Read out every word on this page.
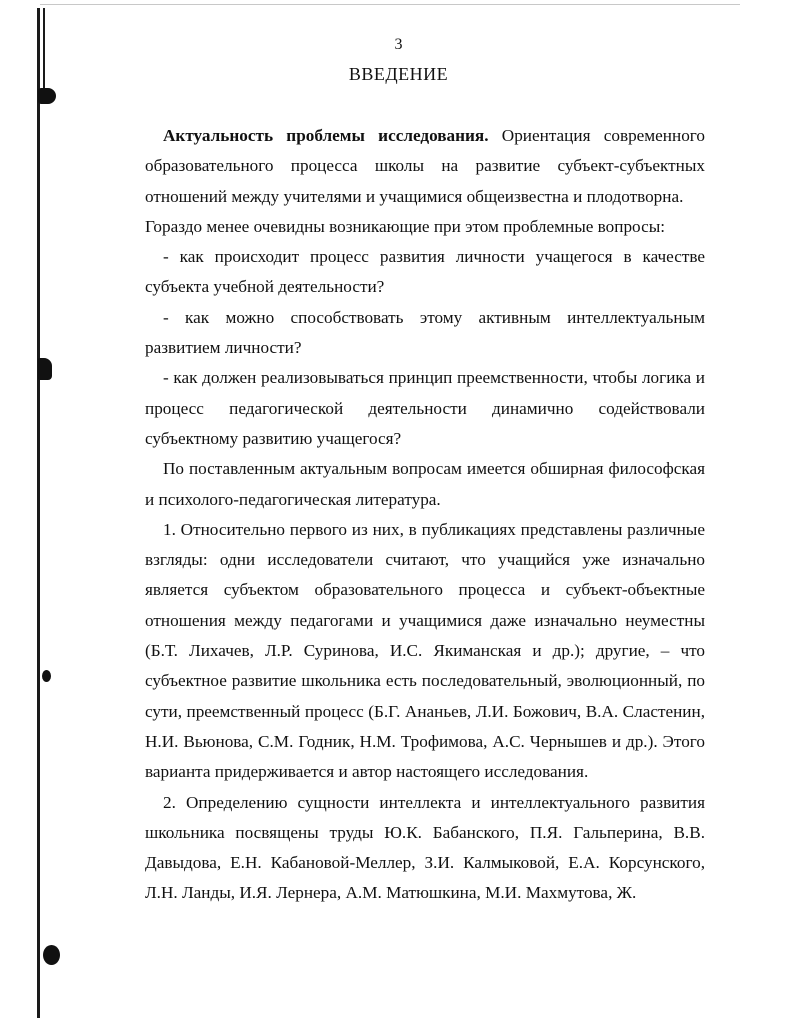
3
ВВЕДЕНИЕ

Актуальность проблемы исследования. Ориентация современного образовательного процесса школы на развитие субъект-субъектных отношений между учителями и учащимися общеизвестна и плодотворна.

Гораздо менее очевидны возникающие при этом проблемные вопросы:

- как происходит процесс развития личности учащегося в качестве субъекта учебной деятельности?

- как можно способствовать этому активным интеллектуальным развитием личности?

- как должен реализовываться принцип преемственности, чтобы логика и процесс педагогической деятельности динамично содействовали субъектному развитию учащегося?

По поставленным актуальным вопросам имеется обширная философская и психолого-педагогическая литература.

1. Относительно первого из них, в публикациях представлены различные взгляды: одни исследователи считают, что учащийся уже изначально является субъектом образовательного процесса и субъект-объектные отношения между педагогами и учащимися даже изначально неуместны (Б.Т. Лихачев, Л.Р. Суринова, И.С. Якиманская и др.); другие, – что субъектное развитие школьника есть последовательный, эволюционный, по сути, преемственный процесс (Б.Г. Ананьев, Л.И. Божович, В.А. Сластенин, Н.И. Вьюнова, С.М. Годник, Н.М. Трофимова, А.С. Чернышев и др.). Этого варианта придерживается и автор настоящего исследования.

2. Определению сущности интеллекта и интеллектуального развития школьника посвящены труды Ю.К. Бабанского, П.Я. Гальперина, В.В. Давыдова, Е.Н. Кабановой-Меллер, З.И. Калмыковой, Е.А. Корсунского, Л.Н. Ланды, И.Я. Лернера, А.М. Матюшкина, М.И. Махмутова, Ж.
